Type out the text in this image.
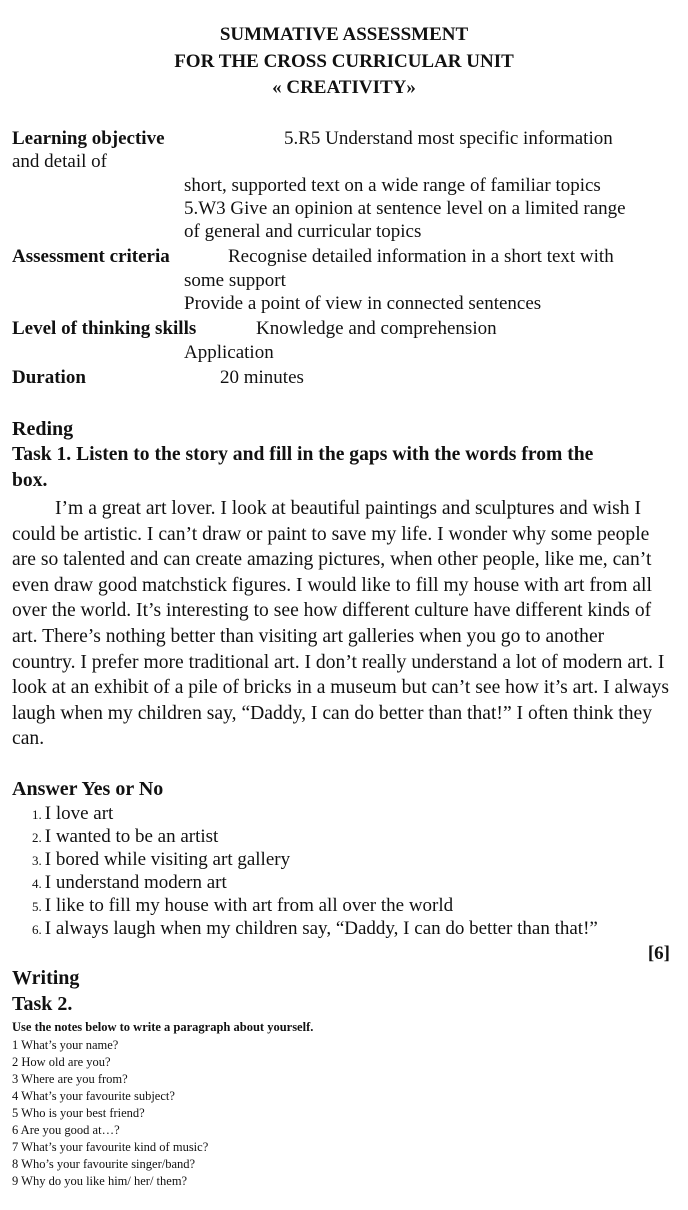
SUMMATIVE ASSESSMENT
FOR THE CROSS CURRICULAR UNIT
« CREATIVITY»
Learning objective	5.R5 Understand most specific information
and detail of
short, supported text on a wide range of familiar topics
5.W3 Give an opinion at sentence level on a limited range
of general and curricular topics
Assessment criteria	Recognise detailed information in a short text with
some support
Provide a point of view in connected sentences
Level of thinking skills	Knowledge and comprehension
Application
Duration	20 minutes
Reding
Task 1. Listen to the story and fill in the gaps with the words from the
box.
I’m a great art lover. I look at beautiful paintings and sculptures and wish I could be artistic. I can’t draw or paint to save my life. I wonder why some people are so talented and can create amazing pictures, when other people, like me, can’t even draw good matchstick figures. I would like to fill my house with art from all over the world. It’s interesting to see how different culture have different kinds of art. There’s nothing better than visiting art galleries when you go to another country. I prefer more traditional art. I don’t really understand a lot of modern art. I look at an exhibit of a pile of bricks in a museum but can’t see how it’s art. I always laugh when my children say, “Daddy, I can do better than that!” I often think they can.
Answer Yes or No
1. I love art
2. I wanted to be an artist
3. I bored while visiting art gallery
4. I understand modern art
5. I like to fill my house with art from all over the world
6. I always laugh when my children say, “Daddy, I can do better than that!”
[6]
Writing
Task 2.
Use the notes below to write a paragraph about yourself.
1 What’s your name?
2 How old are you?
3 Where are you from?
4 What’s your favourite subject?
5 Who is your best friend?
6 Are you good at…?
7 What’s your favourite kind of music?
8 Who’s your favourite singer/band?
9 Why do you like him/ her/ them?
